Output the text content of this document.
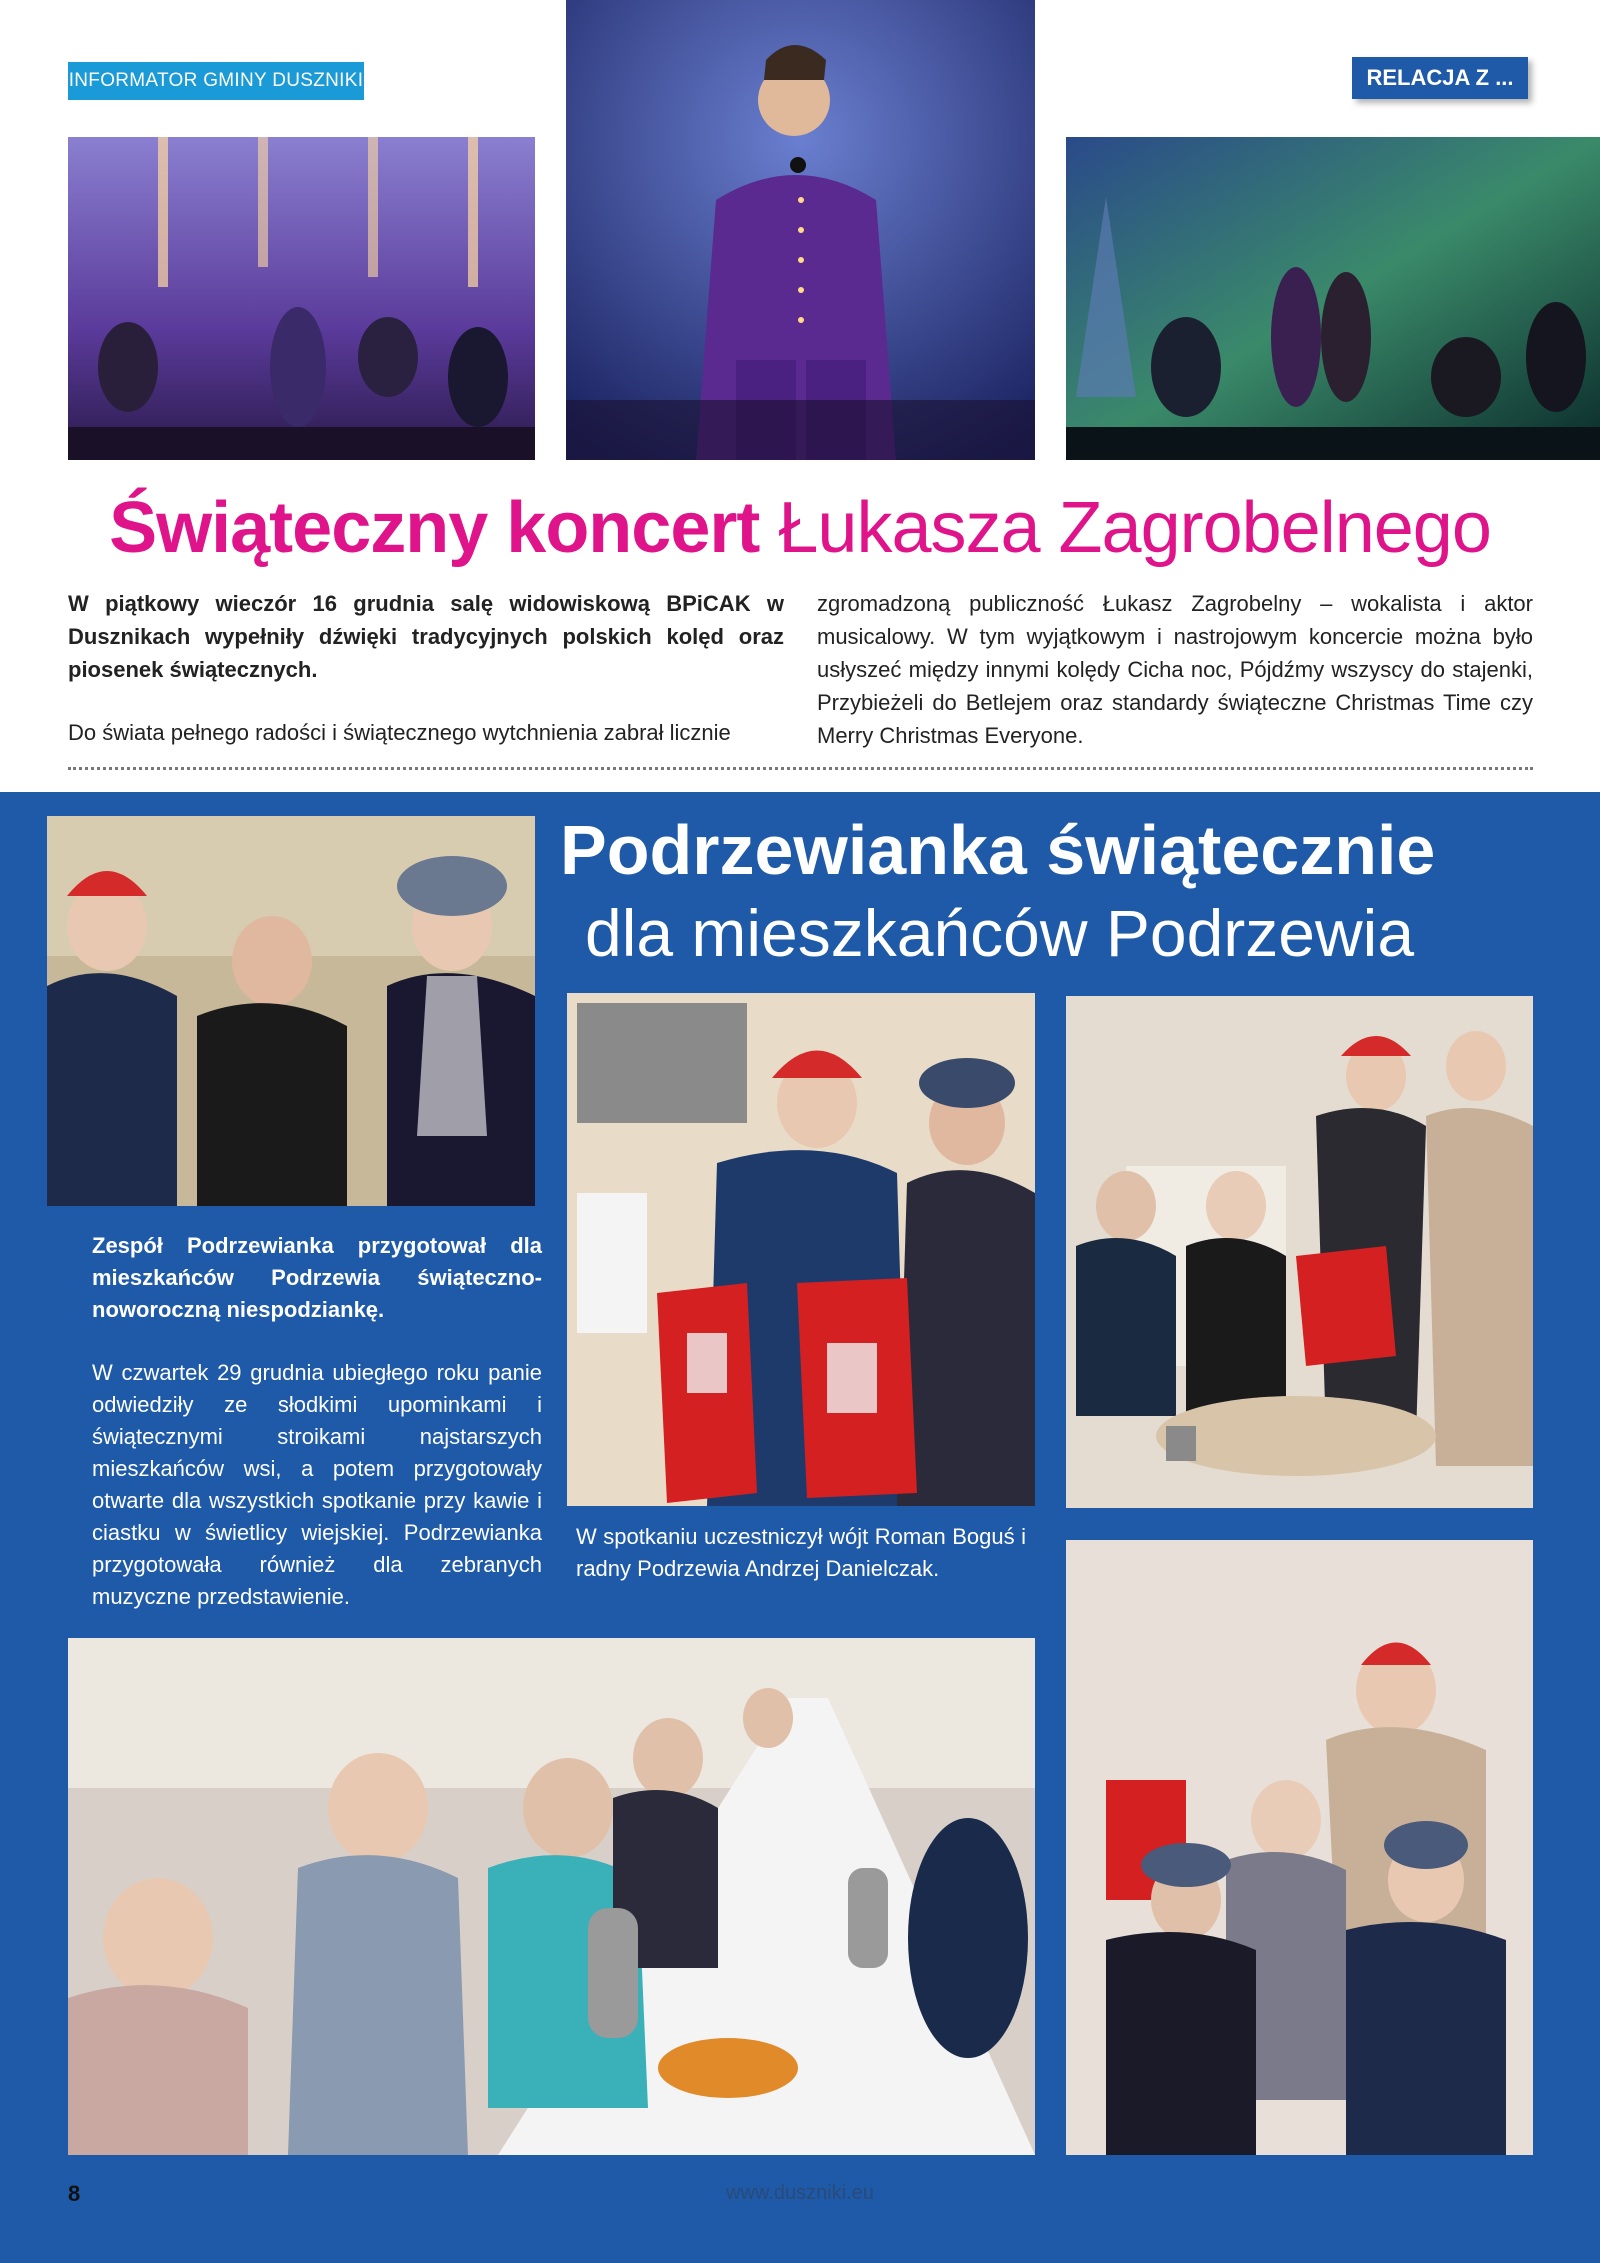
INFORMATOR GMINY DUSZNIKI	RELACJA Z ...
Świąteczny koncert Łukasza Zagrobelnego
W piątkowy wieczór 16 grudnia salę widowiskową BPiCAK w Dusznikach wypełniły dźwięki tradycyjnych polskich kolęd oraz piosenek świątecznych.
Do świata pełnego radości i świątecznego wytchnienia zabrał licznie
zgromadzoną publiczność Łukasz Zagrobelny – wokalista i aktor musicalowy. W tym wyjątkowym i nastrojowym koncercie można było usłyszeć między innymi kolędy Cicha noc, Pójdźmy wszyscy do stajenki, Przybieżeli do Betlejem oraz standardy świąteczne Christmas Time czy Merry Christmas Everyone.
Podrzewianka świątecznie
dla mieszkańców Podrzewia
Zespół Podrzewianka przygotował dla mieszkańców Podrzewia świąteczno-noworoczną niespodziankę.
W czwartek 29 grudnia ubiegłego roku panie odwiedziły ze słodkimi upominkami i świątecznymi stroikami najstarszych mieszkańców wsi, a potem przygotowały otwarte dla wszystkich spotkanie przy kawie i ciastku w świetlicy wiejskiej. Podrzewianka przygotowała również dla zebranych muzyczne przedstawienie.
W spotkaniu uczestniczył wójt Roman Boguś i radny Podrzewia Andrzej Danielczak.
8	www.duszniki.eu
